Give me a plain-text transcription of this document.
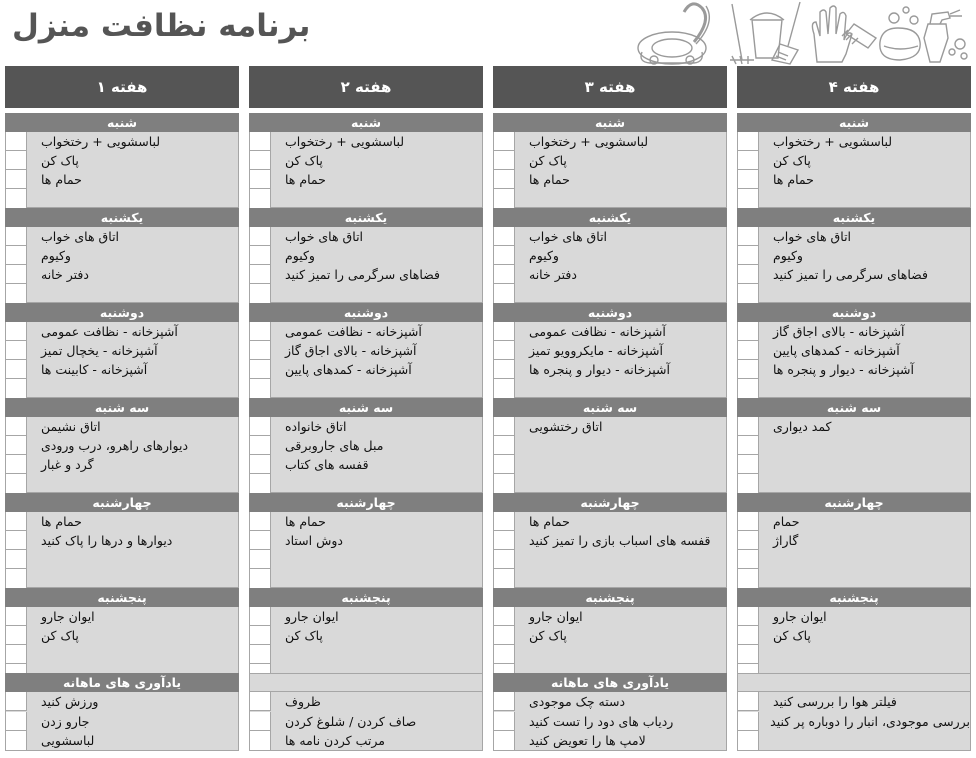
برنامه نظافت منزل
هفته ۱
شنبه
لباسشویی + رختخواب
پاک کن
حمام ها
یکشنبه
اتاق های خواب
وکیوم
دفتر خانه
دوشنبه
آشپزخانه - نظافت عمومی
آشپزخانه - یخچال تمیز
آشپزخانه - کابینت ها
سه شنبه
اتاق نشیمن
دیوارهای راهرو، درب ورودی
گرد و غبار
چهارشنبه
حمام ها
دیوارها و درها را پاک کنید
پنجشنبه
ایوان جارو
پاک کن
یادآوری های ماهانه
ورزش کنید
جارو زدن
لباسشویی
هفته ۲
شنبه
لباسشویی + رختخواب
پاک کن
حمام ها
یکشنبه
اتاق های خواب
وکیوم
فضاهای سرگرمی را تمیز کنید
دوشنبه
آشپزخانه - نظافت عمومی
آشپزخانه - بالای اجاق گاز
آشپزخانه - کمدهای پایین
سه شنبه
اتاق خانواده
مبل های جاروبرقی
قفسه های کتاب
چهارشنبه
حمام ها
دوش استاد
پنجشنبه
ایوان جارو
پاک کن
ظروف
صاف کردن / شلوغ کردن
مرتب کردن نامه ها
هفته ۳
شنبه
لباسشویی + رختخواب
پاک کن
حمام ها
یکشنبه
اتاق های خواب
وکیوم
دفتر خانه
دوشنبه
آشپزخانه - نظافت عمومی
آشپزخانه - مایکروویو تمیز
آشپزخانه - دیوار و پنجره ها
سه شنبه
اتاق رختشویی
چهارشنبه
حمام ها
قفسه های اسباب بازی را تمیز کنید
پنجشنبه
ایوان جارو
پاک کن
یادآوری های ماهانه
دسته چک موجودی
ردیاب های دود را تست کنید
لامپ ها را تعویض کنید
هفته ۴
شنبه
لباسشویی + رختخواب
پاک کن
حمام ها
یکشنبه
اتاق های خواب
وکیوم
فضاهای سرگرمی را تمیز کنید
دوشنبه
آشپزخانه - بالای اجاق گاز
آشپزخانه - کمدهای پایین
آشپزخانه - دیوار و پنجره ها
سه شنبه
کمد دیواری
چهارشنبه
حمام
گاراژ
پنجشنبه
ایوان جارو
پاک کن
فیلتر هوا را بررسی کنید
بررسی موجودی، انبار را دوباره پر کنید
